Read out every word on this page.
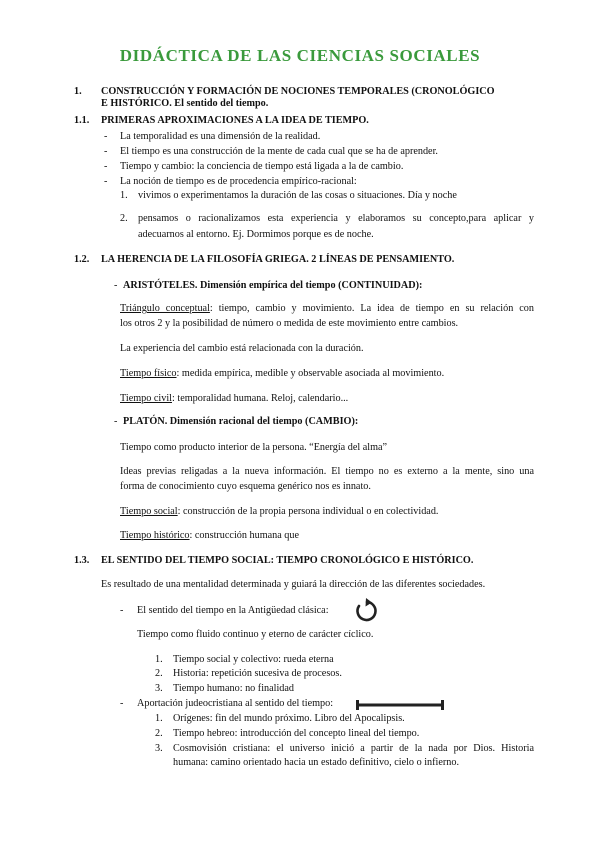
DIDÁCTICA DE LAS CIENCIAS SOCIALES
1. CONSTRUCCIÓN Y FORMACIÓN DE NOCIONES TEMPORALES (CRONOLÓGICO
E HISTÓRICO. El sentido del tiempo.
1.1. PRIMERAS APROXIMACIONES A LA IDEA DE TIEMPO.
- La temporalidad es una dimensión de la realidad.
- El tiempo es una construcción de la mente de cada cual que se ha de aprender.
- Tiempo y cambio: la conciencia de tiempo está ligada a la de cambio.
- La noción de tiempo es de procedencia empírico-racional:
1. vivimos o experimentamos la duración de las cosas o situaciones. Día y noche
2. pensamos o racionalizamos esta experiencia y elaboramos su concepto,para aplicar y
adecuarnos al entorno. Ej. Dormimos porque es de noche.
1.2. LA HERENCIA DE LA FILOSOFÍA GRIEGA. 2 LÍNEAS DE PENSAMIENTO.
- ARISTÓTELES. Dimensión empírica del tiempo (CONTINUIDAD):
Triángulo conceptual: tiempo, cambio y movimiento. La idea de tiempo en su relación con
los otros 2 y la posibilidad de número o medida de este movimiento entre cambios.
La experiencia del cambio está relacionada con la duración.
Tiempo físico: medida empírica, medible y observable asociada al movimiento.
Tiempo civil: temporalidad humana. Reloj, calendario...
- PLATÓN. Dimensión racional del tiempo (CAMBIO):
Tiempo como producto interior de la persona. “Energía del alma”
Ideas previas religadas a la nueva información. El tiempo no es externo a la mente, sino una
forma de conocimiento cuyo esquema genérico nos es innato.
Tiempo social: construcción de la propia persona individual o en colectividad.
Tiempo histórico: construcción humana que
1.3. EL SENTIDO DEL TIEMPO SOCIAL: TIEMPO CRONOLÓGICO E HISTÓRICO.
Es resultado de una mentalidad determinada y guiará la dirección de las diferentes sociedades.
- El sentido del tiempo en la Antigüedad clásica:
Tiempo como fluido continuo y eterno de carácter cíclico.
1. Tiempo social y colectivo: rueda eterna
2. Historia: repetición sucesiva de procesos.
3. Tiempo humano: no finalidad
- Aportación judeocristiana al sentido del tiempo:
1. Orígenes: fin del mundo próximo. Libro del Apocalipsis.
2. Tiempo hebreo: introducción del concepto lineal del tiempo.
3. Cosmovisión cristiana: el universo inició a partir de la nada por Dios. Historia
humana: camino orientado hacia un estado definitivo, cielo o infierno.
